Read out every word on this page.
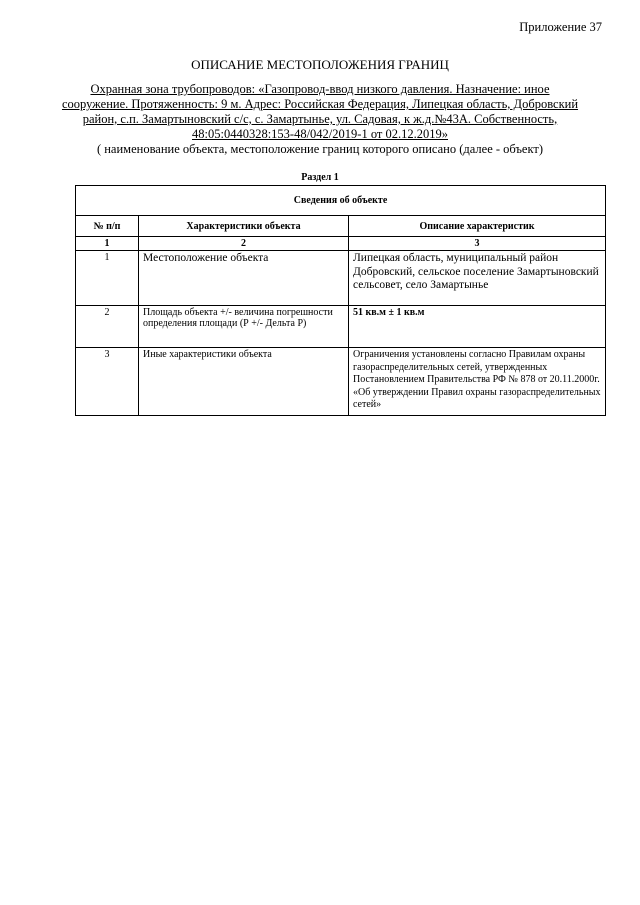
Приложение 37
ОПИСАНИЕ МЕСТОПОЛОЖЕНИЯ ГРАНИЦ
Охранная зона трубопроводов: «Газопровод-ввод низкого давления. Назначение: иное сооружение. Протяженность: 9 м. Адрес: Российская Федерация, Липецкая область, Добровский район, с.п. Замартыновский с/с, с. Замартынье, ул. Садовая, к ж.д.№43А. Собственность, 48:05:0440328:153-48/042/2019-1 от 02.12.2019»
( наименование объекта, местоположение границ которого описано (далее - объект)
Раздел 1
Сведения об объекте		
№ п/п	Характеристики объекта	Описание характеристик
1	2	3
1	Местоположение объекта	Липецкая область, муниципальный район Добровский, сельское поселение Замартыновский сельсовет, село Замартынье
2	Площадь объекта +/- величина погрешности определения площади (Р +/- Дельта Р)	51 кв.м ± 1 кв.м
3	Иные характеристики объекта	Ограничения установлены согласно Правилам охраны газораспределительных сетей, утвержденных Постановлением Правительства РФ № 878 от 20.11.2000г. «Об утверждении Правил охраны газораспределительных сетей»
